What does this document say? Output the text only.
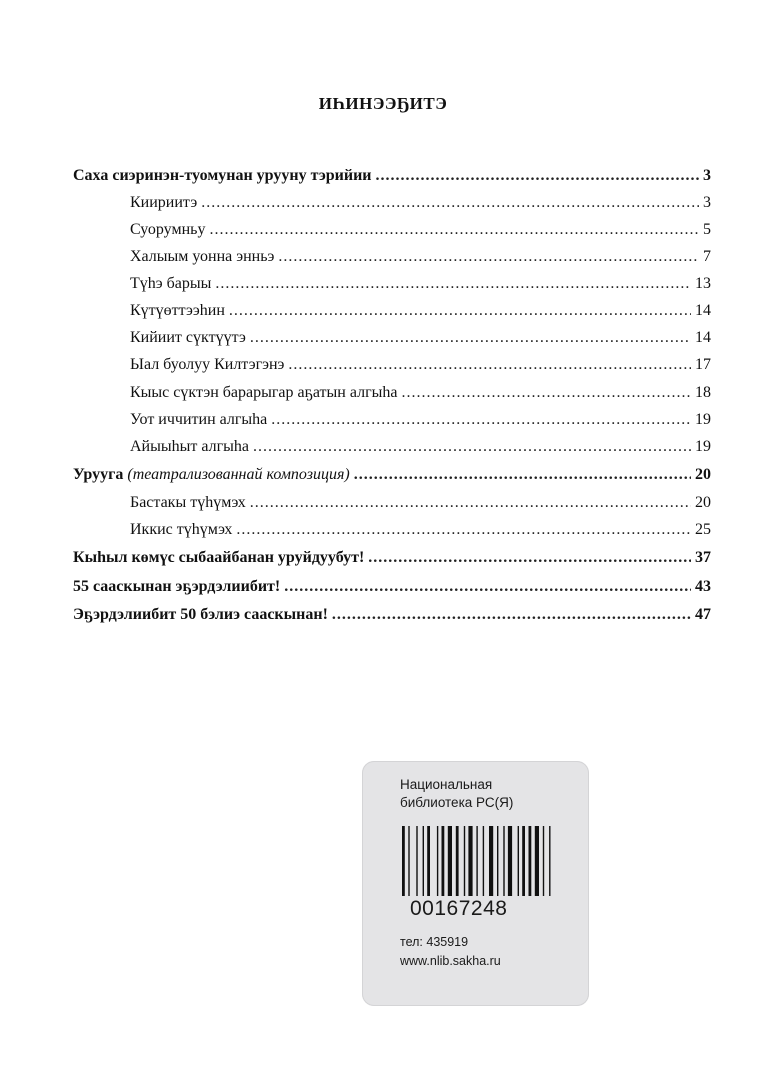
ИҺИНЭЭҔИТЭ
Саха сиэринэн-туомунан урууну тэрийии .....	3
Киириитэ .....	3
Суорумньу .....	5
Халыым уонна энньэ .....	7
Түһэ барыы .....	13
Күтүөттээһин .....	14
Кийиит сүктүүтэ .....	14
Ыал буолуу Килтэгэнэ .....	17
Кыыс сүктэн барарыгар аҕатын алгыһа .....	18
Уот иччитин алгыһа .....	19
Айыыһыт алгыһа .....	19
Урууга (театрализованнай композиция) .....	20
Бастакы түһүмэх .....	20
Иккис түһүмэх .....	25
Кыһыл көмүс сыбаайбанан уруйдуубут! .....	37
55 сааскынан эҕэрдэлиибит! .....	43
Эҕэрдэлиибит 50 бэлиэ сааскынан! .....	47
Национальная
библиотека РС(Я)
00167248
тел: 435919
www.nlib.sakha.ru
